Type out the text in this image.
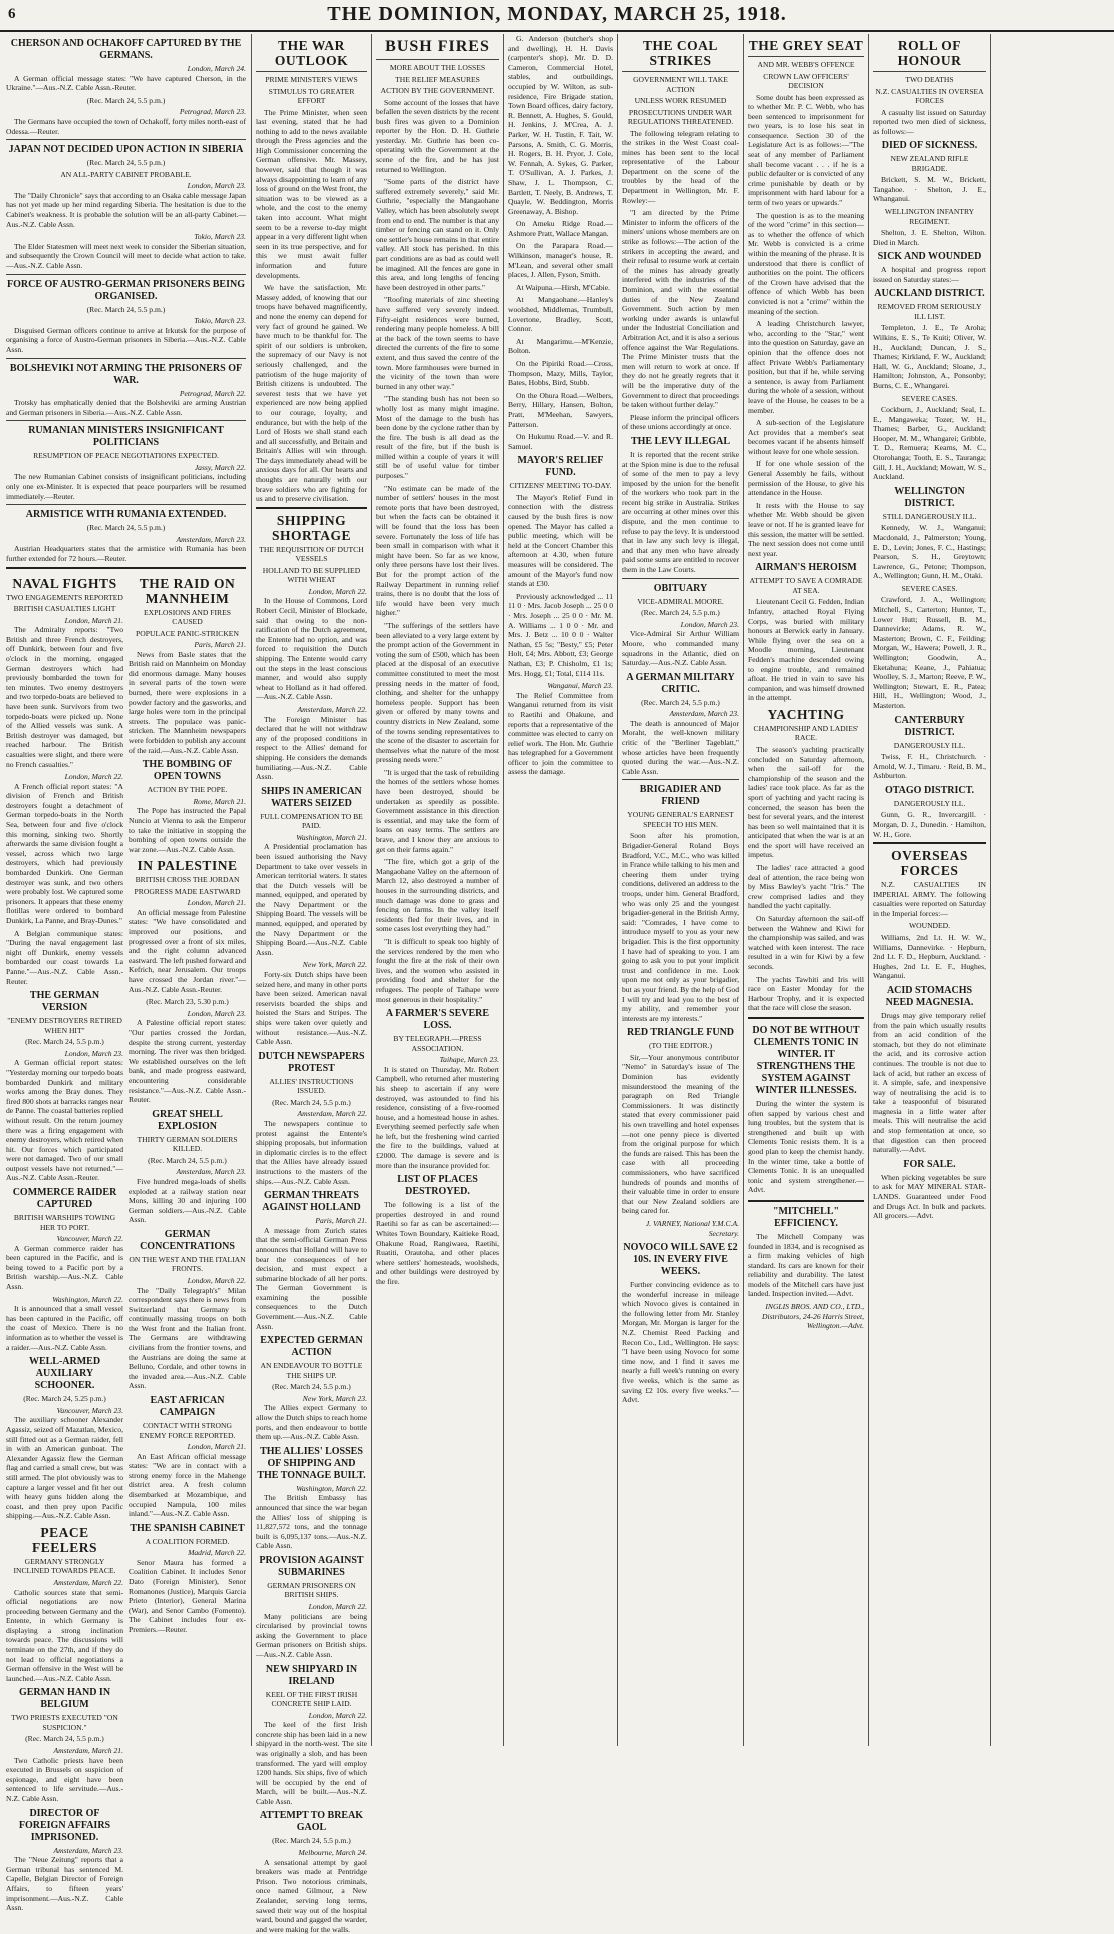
6	THE DOMINION, MONDAY, MARCH 25, 1918.
CHERSON AND OCHAKOFF CAPTURED BY THE GERMANS.
London, March 24.

A German official message states: "We have captured Cherson, in the Ukraine."—Aus.-N.Z. Cable Assn.-Reuter.

(Rec. March 24, 5.5 p.m.)
Petrograd, March 23.

The Germans have occupied the town of Ochakoff, forty miles north-east of Odessa.—Reuter.

JAPAN NOT DECIDED UPON ACTION IN SIBERIA
(Rec. March 24, 5.5 p.m.)
AN ALL-PARTY CABINET PROBABLE.
London, March 23.

The "Daily Chronicle" says that according to an Osaka cable message Japan has not yet made up her mind regarding Siberia. The hesitation is due to the Cabinet's weakness. It is probable the solution will be an all-party Cabinet.—Aus.-N.Z. Cable Assn.

Tokio, March 23.

The Elder Statesmen will meet next week to consider the Siberian situation, and subsequently the Crown Council will meet to decide what action to take.—Aus.-N.Z. Cable Assn.

FORCE OF AUSTRO-GERMAN PRISONERS BEING ORGANISED.
(Rec. March 24, 5.5 p.m.)
Tokio, March 23.

Disguised German officers continue to arrive at Irkutsk for the purpose of organising a force of Austro-German prisoners in Siberia.—Aus.-N.Z. Cable Assn.

BOLSHEVIKI NOT ARMING THE PRISONERS OF WAR.
Petrograd, March 22.

Trotsky has emphatically denied that the Bolsheviki are arming Austrian and German prisoners in Siberia.—Aus.-N.Z. Cable Assn.

RUMANIAN MINISTERS INSIGNIFICANT POLITICIANS
RESUMPTION OF PEACE NEGOTIATIONS EXPECTED.
Jassy, March 22.

The new Rumanian Cabinet consists of insignificant politicians, including only one ex-Minister. It is expected that peace pourparlers will be resumed immediately.—Reuter.

ARMISTICE WITH RUMANIA EXTENDED.
(Rec. March 24, 5.5 p.m.)
Amsterdam, March 23.

Austrian Headquarters states that the armistice with Rumania has been further extended for 72 hours.—Reuter.

NAVAL FIGHTS
TWO ENGAGEMENTS REPORTED
BRITISH CASUALTIES LIGHT
London, March 21.

The Admiralty reports: "Two British and three French destroyers, off Dunkirk, between four and five o'clock in the morning, engaged German destroyers which had previously bombarded the town for ten minutes. Two enemy destroyers and two torpedo-boats are believed to have been sunk. Survivors from two torpedo-boats were picked up. None of the Allied vessels was sunk. A British destroyer was damaged, but reached harbour. The British casualties were slight, and there were no French casualties."

London, March 22.

A French official report states: "A division of French and British destroyers fought a detachment of German torpedo-boats in the North Sea, between four and five o'clock this morning, sinking two. Shortly afterwards the same division fought a vessel, across which two large destroyers, which had previously bombarded Dunkirk. One German destroyer was sunk, and two others were probably lost. We captured some prisoners. It appears that these enemy flotillas were ordered to bombard Dunkirk, La Panne, and Bray-Dunes."

A Belgian communique states: "During the naval engagement last night off Dunkirk, enemy vessels bombarded our coast towards La Panne."—Aus.-N.Z. Cable Assn.-Reuter.

THE GERMAN VERSION
"ENEMY DESTROYERS RETIRED WHEN HIT"
(Rec. March 24, 5.5 p.m.)
London, March 23.

A German official report states: "Yesterday morning our torpedo boats bombarded Dunkirk and military works among the Bray dunes. They fired 800 shots at barracks ranges near de Panne. The coastal batteries replied without result. On the return journey there was a firing engagement with enemy destroyers, which retired when hit. Our forces which participated were not damaged. Two of our small outpost vessels have not returned."—Aus.-N.Z. Cable Assn.-Reuter.

COMMERCE RAIDER CAPTURED
BRITISH WARSHIPS TOWING HER TO PORT.
Vancouver, March 22.

A German commerce raider has been captured in the Pacific, and is being towed to a Pacific port by a British warship.—Aus.-N.Z. Cable Assn.

Washington, March 22.

It is announced that a small vessel has been captured in the Pacific, off the coast of Mexico. There is no information as to whether the vessel is a raider.—Aus.-N.Z. Cable Assn.

WELL-ARMED AUXILIARY SCHOONER.
(Rec. March 24, 5.25 p.m.)
Vancouver, March 23.

The auxiliary schooner Alexander Agassiz, seized off Mazatlan, Mexico, still fitted out as a German raider, fell in with an American gunboat. The Alexander Agassiz flew the German flag and carried a small crew, but was still armed. The plot obviously was to capture a larger vessel and fit her out with heavy guns hidden along the coast, and then prey upon Pacific shipping.—Aus.-N.Z. Cable Assn.

PEACE FEELERS
GERMANY STRONGLY INCLINED TOWARDS PEACE.
Amsterdam, March 22.

Catholic sources state that semi-official negotiations are now proceeding between Germany and the Entente, in which Germany is displaying a strong inclination towards peace. The discussions will terminate on the 27th, and if they do not lead to official negotiations a German offensive in the West will be launched.—Aus.-N.Z. Cable Assn.

GERMAN HAND IN BELGIUM
TWO PRIESTS EXECUTED "ON SUSPICION."
(Rec. March 24, 5.5 p.m.)
Amsterdam, March 21.

Two Catholic priests have been executed in Brussels on suspicion of espionage, and eight have been sentenced to life servitude.—Aus.-N.Z. Cable Assn.

DIRECTOR OF FOREIGN AFFAIRS IMPRISONED.
Amsterdam, March 23.

The "Neue Zeitung" reports that a German tribunal has sentenced M. Capelle, Belgian Director of Foreign Affairs, to fifteen years' imprisonment.—Aus.-N.Z. Cable Assn.

THE RAID ON MANNHEIM
EXPLOSIONS AND FIRES CAUSED
POPULACE PANIC-STRICKEN
Paris, March 21.

News from Basle states that the British raid on Mannheim on Monday did enormous damage. Many houses in several parts of the town were burned, there were explosions in a powder factory and the gasworks, and large holes were torn in the principal streets. The populace was panic-stricken. The Mannheim newspapers were forbidden to publish any account of the raid.—Aus.-N.Z. Cable Assn.

THE BOMBING OF OPEN TOWNS
ACTION BY THE POPE.
Rome, March 21.

The Pope has instructed the Papal Nuncio at Vienna to ask the Emperor to take the initiative in stopping the bombing of open towns outside the war zone.—Aus.-N.Z. Cable Assn.

IN PALESTINE
BRITISH CROSS THE JORDAN
PROGRESS MADE EASTWARD
London, March 21.

An official message from Palestine states: "We have consolidated and improved our positions, and progressed over a front of six miles, and the right column advanced eastward. The left pushed forward and Kefrich, near Jerusalem. Our troops have crossed the Jordan river."—Aus.-N.Z. Cable Assn.-Reuter.

(Rec. March 23, 5.30 p.m.)
London, March 23.

A Palestine official report states: "Our parties crossed the Jordan, despite the strong current, yesterday morning. The river was then bridged. We established ourselves on the left bank, and made progress eastward, encountering considerable resistance."—Aus.-N.Z. Cable Assn.-Reuter.

GREAT SHELL EXPLOSION
THIRTY GERMAN SOLDIERS KILLED.
(Rec. March 24, 5.5 p.m.)
Amsterdam, March 23.

Five hundred mega-loads of shells exploded at a railway station near Mons, killing 30 and injuring 100 German soldiers.—Aus.-N.Z. Cable Assn.

GERMAN CONCENTRATIONS
ON THE WEST AND THE ITALIAN FRONTS.
London, March 22.

The "Daily Telegraph's" Milan correspondent says there is news from Switzerland that Germany is continually massing troops on both the West front and the Italian front. The Germans are withdrawing civilians from the frontier towns, and the Austrians are doing the same at Belluno, Cordale, and other towns in the invaded area.—Aus.-N.Z. Cable Assn.

EAST AFRICAN CAMPAIGN
CONTACT WITH STRONG ENEMY FORCE REPORTED.
London, March 21.

An East African official message states: "We are in contact with a strong enemy force in the Mahenge district area. A fresh column disembarked at Mozambique, and occupied Nampula, 100 miles inland."—Aus.-N.Z. Cable Assn.

THE SPANISH CABINET
A COALITION FORMED.
Madrid, March 22.

Senor Maura has formed a Coalition Cabinet. It includes Senor Dato (Foreign Minister), Senor Romanones (Justice), Marquis Garcia Prieto (Interior), General Marina (War), and Senor Cambo (Fomento). The Cabinet includes four ex-Premiers.—Reuter.

THE WAR OUTLOOK
PRIME MINISTER'S VIEWS
STIMULUS TO GREATER EFFORT

The Prime Minister, when seen last evening, stated that he had nothing to add to the news available through the Press agencies and the High Commissioner concerning the German offensive. Mr. Massey, however, said that though it was always disappointing to learn of any loss of ground on the West front, the situation was to be viewed as a whole, and the cost to the enemy taken into account. What might seem to be a reverse to-day might appear in a very different light when seen in its true perspective, and for this we must await fuller information and future developments.

We have the satisfaction, Mr. Massey added, of knowing that our troops have behaved magnificently, and none the enemy can depend for very fact of ground he gained. We have much to be thankful for. The spirit of our soldiers is unbroken, the supremacy of our Navy is not seriously challenged, and the patriotism of the huge majority of British citizens is undoubted. The severest tests that we have yet experienced are now being applied to our courage, loyalty, and endurance, but with the help of the Lord of Hosts we shall stand each and all successfully, and Britain and Britain's Allies will win through. The days immediately ahead will be anxious days for all. Our hearts and thoughts are naturally with our brave soldiers who are fighting for us and to preserve civilisation.

SHIPPING SHORTAGE
THE REQUISITION OF DUTCH VESSELS
HOLLAND TO BE SUPPLIED WITH WHEAT
London, March 22.

In the House of Commons, Lord Robert Cecil, Minister of Blockade, said that owing to the non-ratification of the Dutch agreement, the Entente had no option, and was forced to requisition the Dutch shipping. The Entente would carry out the steps in the least conscious manner, and would also supply wheat to Holland as it had offered.—Aus.-N.Z. Cable Assn.

Amsterdam, March 22.

The Foreign Minister has declared that he will not withdraw any of the proposed conditions in respect to the Allies' demand for shipping. He considers the demands humiliating.—Aus.-N.Z. Cable Assn.

SHIPS IN AMERICAN WATERS SEIZED
FULL COMPENSATION TO BE PAID.
Washington, March 21.

A Presidential proclamation has been issued authorising the Navy Department to take over vessels in American territorial waters. It states that the Dutch vessels will be manned, equipped, and operated by the Navy Department or the Shipping Board. The vessels will be manned, equipped, and operated by the Navy Department or the Shipping Board.—Aus.-N.Z. Cable Assn.

New York, March 22.

Forty-six Dutch ships have been seized here, and many in other ports have been seized. American naval reservists boarded the ships and hoisted the Stars and Stripes. The ships were taken over quietly and without resistance.—Aus.-N.Z. Cable Assn.

DUTCH NEWSPAPERS PROTEST
ALLIES' INSTRUCTIONS ISSUED.
(Rec. March 24, 5.5 p.m.)
Amsterdam, March 22.

The newspapers continue to protest against the Entente's shipping proposals, but information in diplomatic circles is to the effect that the Allies have already issued instructions to the masters of the ships.—Aus.-N.Z. Cable Assn.

GERMAN THREATS AGAINST HOLLAND
Paris, March 21.

A message from Zurich states that the semi-official German Press announces that Holland will have to bear the consequences of her decision, and must expect a submarine blockade of all her ports. The German Government is examining the possible consequences to the Dutch Government.—Aus.-N.Z. Cable Assn.

EXPECTED GERMAN ACTION
AN ENDEAVOUR TO BOTTLE THE SHIPS UP.
(Rec. March 24, 5.5 p.m.)
New York, March 23.

The Allies expect Germany to allow the Dutch ships to reach home ports, and then endeavour to bottle them up.—Aus.-N.Z. Cable Assn.

THE ALLIES' LOSSES OF SHIPPING AND THE TONNAGE BUILT.
Washington, March 22.

The British Embassy has announced that since the war began the Allies' loss of shipping is 11,827,572 tons, and the tonnage built is 6,095,137 tons.—Aus.-N.Z. Cable Assn.

PROVISION AGAINST SUBMARINES
GERMAN PRISONERS ON BRITISH SHIPS.
London, March 22.

Many politicians are being circularised by provincial towns asking the Government to place German prisoners on British ships.—Aus.-N.Z. Cable Assn.

NEW SHIPYARD IN IRELAND
KEEL OF THE FIRST IRISH CONCRETE SHIP LAID.
London, March 22.

The keel of the first Irish concrete ship has been laid in a new shipyard in the north-west. The site was originally a slob, and has been transformed. The yard will employ 1200 hands. Six ships, five of which will be occupied by the end of March, will be built.—Aus.-N.Z. Cable Assn.

ATTEMPT TO BREAK GAOL
(Rec. March 24, 5.5 p.m.)
Melbourne, March 24.

A sensational attempt by gaol breakers was made at Pentridge Prison. Two notorious criminals, once named Gilmour, a New Zealander, serving long terms, sawed their way out of the hospital ward, bound and gagged the warder, and were making for the walls.

BUSH FIRES
MORE ABOUT THE LOSSES
THE RELIEF MEASURES
ACTION BY THE GOVERNMENT.

Some account of the losses that have befallen the seven districts by the recent bush fires was given to a Dominion reporter by the Hon. D. H. Guthrie yesterday. Mr. Guthrie has been co-operating with the Government at the scene of the fire, and he has just returned to Wellington.

"Some parts of the district have suffered extremely severely," said Mr. Guthrie, "especially the Mangaohane Valley, which has been absolutely swept from end to end. The number is that any timber or fencing can stand on it. Only one settler's house remains in that entire valley. All stock has perished. In this part conditions are as bad as could well be imagined. All the fences are gone in this area, and long lengths of fencing have been destroyed in other parts."

"Roofing materials of zinc sheeting have suffered very severely indeed. Fifty-eight residences were burned, rendering many people homeless. A bill at the back of the town seems to have directed the currents of the fire to some extent, and thus saved the centre of the town. More farmhouses were burned in the vicinity of the town than were burned in any other way."

"The standing bush has not been so wholly lost as many might imagine. Most of the damage to the bush has been done by the cyclone rather than by the fire. The bush is all dead as the result of the fire, but if the bush is milled within a couple of years it will still be of useful value for timber purposes."

"No estimate can be made of the number of settlers' houses in the most remote ports that have been destroyed, but when the facts can be obtained it will be found that the loss has been severe. Fortunately the loss of life has been small in comparison with what it might have been. So far as we know, only three persons have lost their lives. But for the prompt action of the Railway Department in running relief trains, there is no doubt that the loss of life would have been very much higher."

"The sufferings of the settlers have been alleviated to a very large extent by the prompt action of the Government in voting the sum of £500, which has been placed at the disposal of an executive committee constituted to meet the most pressing needs in the matter of food, clothing, and shelter for the unhappy homeless people. Support has been given or offered by many towns and country districts in New Zealand, some of the towns sending representatives to the scene of the disaster to ascertain for themselves what the nature of the most pressing needs were."

"It is urged that the task of rebuilding the homes of the settlers whose homes have been destroyed, should be undertaken as speedily as possible. Government assistance in this direction is essential, and may take the form of loans on easy terms. The settlers are brave, and I know they are anxious to get on their farms again."

"The fire, which got a grip of the Mangaohane Valley on the afternoon of March 12, also destroyed a number of houses in the surrounding districts, and much damage was done to grass and fencing on farms. In the valley itself residents fled for their lives, and in some cases lost everything they had."

"It is difficult to speak too highly of the services rendered by the men who fought the fire at the risk of their own lives, and the women who assisted in providing food and shelter for the refugees. The people of Taihape were most generous in their hospitality."

A FARMER'S SEVERE LOSS.
BY TELEGRAPH.—PRESS ASSOCIATION.
Taihape, March 23.

It is stated on Thursday, Mr. Robert Campbell, who returned after mustering his sheep to ascertain if any were destroyed, was astounded to find his residence, consisting of a five-roomed house, and a homestead house in ashes. Everything seemed perfectly safe when he left, but the freshening wind carried the fire to the buildings, valued at £2000. The damage is severe and is more than the insurance provided for.

LIST OF PLACES DESTROYED.

The following is a list of the properties destroyed in and round Raetihi so far as can be ascertained:—Whites Town Boundary, Kaitieke Road, Ohakune Road, Rangiwaea, Raetihi, Ruatiti, Orautoha, and other places where settlers' homesteads, woolsheds, and other buildings were destroyed by the fire.

G. Anderson (butcher's shop and dwelling), H. H. Davis (carpenter's shop), Mr. D. D. Cameron, Commercial Hotel, stables, and outbuildings, occupied by W. Wilton, as sub-residence, Fire Brigade station, Town Board offices, dairy factory, R. Bennett, A. Hughes, S. Gould, H. Jenkins, J. M'Crea, A. J. Parker, W. H. Tustin, F. Tait, W. Parsons, A. Smith, C. G. Morris, H. Rogers, B. H. Pryor, J. Cole, W. Fennah, A. Sykes, G. Parker, T. O'Sullivan, A. J. Parkes, J. Shaw, J. L. Thompson, C. Bartlett, T. Neely, B. Andrews, T. Quayle, W. Beddington, Morris Greenaway, A. Bishop.

On Ameku Ridge Road.—Ashmore Pratt, Wallace Mangan.

On the Parapara Road.—Wilkinson, manager's house, R. M'Lean, and several other small places, J. Allen, Fyson, Smith.

At Waipuna.—Hirsh, M'Cabie.

At Mangaohane.—Hanley's woolshed, Middlemas, Trumbull, Lovertone, Bradley, Scott, Connor.

At Mangarimu.—M'Kenzie, Bolton.

On the Pipiriki Road.—Cross, Thompson, Mazy, Mills, Taylor, Bates, Hobbs, Bird, Stubb.

On the Ohura Road.—Welbers, Berry, Hillary, Hansen, Bolton, Pratt, M'Meehan, Sawyers, Patterson.

On Hukumu Road.—V. and R. Samuel.

MAYOR'S RELIEF FUND.
CITIZENS' MEETING TO-DAY.

The Mayor's Relief Fund in connection with the distress caused by the bush fires is now opened. The Mayor has called a public meeting, which will be held at the Concert Chamber this afternoon at 4.30, when future measures will be considered. The amount of the Mayor's fund now stands at £30.

Previously acknowledged ... 11 11 0 · Mrs. Jacob Joseph ... 25 0 0 · Mrs. Joseph ... 25 0 0 · Mr. M. A. Williams ... 1 0 0 · Mr. and Mrs. J. Betz ... 10 0 0 · Walter Nathan, £5 5s; "Besty," £5; Peter Holt, £4; Mrs. Abbott, £3; George Nathan, £3; P. Chisholm, £1 1s; Mrs. Hogg, £1; Total, £114 11s.

Wanganui, March 23.

The Relief Committee from Wanganui returned from its visit to Raetihi and Ohakune, and reports that a representative of the committee was elected to carry on relief work. The Hon. Mr. Guthrie has telegraphed for a Government officer to join the committee to assess the damage.

THE COAL STRIKES
GOVERNMENT WILL TAKE ACTION
UNLESS WORK RESUMED
PROSECUTIONS UNDER WAR REGULATIONS THREATENED.

The following telegram relating to the strikes in the West Coast coal-mines has been sent to the local representative of the Labour Department on the scene of the troubles by the head of the Department in Wellington, Mr. F. Rowley:—

"I am directed by the Prime Minister to inform the officers of the miners' unions whose members are on strike as follows:—The action of the strikers in accepting the award, and their refusal to resume work at certain of the mines has already greatly interfered with the industries of the Dominion, and with the essential duties of the New Zealand Government. Such action by men working under awards is unlawful under the Industrial Conciliation and Arbitration Act, and it is also a serious offence against the War Regulations. The Prime Minister trusts that the men will return to work at once. If they do not he greatly regrets that it will be the imperative duty of the Government to direct that proceedings be taken without further delay."

Please inform the principal officers of these unions accordingly at once.

THE LEVY ILLEGAL

It is reported that the recent strike at the Spion mine is due to the refusal of some of the men to pay a levy imposed by the union for the benefit of the workers who took part in the recent big strike in Australia. Strikes are occurring at other mines over this dispute, and the men continue to refuse to pay the levy. It is understood that in law any such levy is illegal, and that any men who have already paid some sums are entitled to recover them in the Law Courts.

OBITUARY
VICE-ADMIRAL MOORE.
(Rec. March 24, 5.5 p.m.)
London, March 23.

Vice-Admiral Sir Arthur William Moore, who commanded many squadrons in the Atlantic, died on Saturday.—Aus.-N.Z. Cable Assn.

A GERMAN MILITARY CRITIC.
(Rec. March 24, 5.5 p.m.)
Amsterdam, March 23.

The death is announced of Major Moraht, the well-known military critic of the "Berliner Tageblatt," whose articles have been frequently quoted during the war.—Aus.-N.Z. Cable Assn.

BRIGADIER AND FRIEND
YOUNG GENERAL'S EARNEST SPEECH TO HIS MEN.

Soon after his promotion, Brigadier-General Roland Boys Bradford, V.C., M.C., who was killed in France while talking to his men and cheering them under trying conditions, delivered an address to the troops, under him. General Bradford, who was only 25 and the youngest brigadier-general in the British Army, said: "Comrades, I have come to introduce myself to you as your new brigadier. This is the first opportunity I have had of speaking to you. I am going to ask you to put your implicit trust and confidence in me. Look upon me not only as your brigadier, but as your friend. By the help of God I will try and lead you to the best of my ability, and remember your interests are my interests."

RED TRIANGLE FUND
(TO THE EDITOR.)

Sir,—Your anonymous contributor "Nemo" in Saturday's issue of The Dominion has evidently misunderstood the meaning of the paragraph on Red Triangle Commissioners. It was distinctly stated that every commissioner paid his own travelling and hotel expenses—not one penny piece is diverted from the original purpose for which the funds are raised. This has been the case with all proceeding commissioners, who have sacrificed hundreds of pounds and months of their valuable time in order to ensure that our New Zealand soldiers are being cared for.

J. VARNEY, National Y.M.C.A. Secretary.
NOVOCO WILL SAVE £2 10S. IN EVERY FIVE WEEKS.

Further convincing evidence as to the wonderful increase in mileage which Novoco gives is contained in the following letter from Mr. Stanley Morgan, Mr. Morgan is larger for the N.Z. Chemist Reed Packing and Recon Co., Ltd., Wellington. He says: "I have been using Novoco for some time now, and I find it saves me nearly a full week's running on every five weeks, which is the same as saving £2 10s. every five weeks."—Advt.

THE GREY SEAT
AND MR. WEBB'S OFFENCE
CROWN LAW OFFICERS' DECISION

Some doubt has been expressed as to whether Mr. P. C. Webb, who has been sentenced to imprisonment for two years, is to lose his seat in consequence. Section 30 of the Legislature Act is as follows:—"The seat of any member of Parliament shall become vacant . . . if he is a public defaulter or is convicted of any crime punishable by death or by imprisonment with hard labour for a term of two years or upwards."

The question is as to the meaning of the word "crime" in this section—as to whether the offence of which Mr. Webb is convicted is a crime within the meaning of the phrase. It is understood that there is conflict of authorities on the point. The officers of the Crown have advised that the offence of which Webb has been convicted is not a "crime" within the meaning of the section.

A leading Christchurch lawyer, who, according to the "Star," went into the question on Saturday, gave an opinion that the offence does not affect Private Webb's Parliamentary position, but that if he, while serving a sentence, is away from Parliament during the whole of a session, without leave of the House, he ceases to be a member.

A sub-section of the Legislature Act provides that a member's seat becomes vacant if he absents himself without leave for one whole session.

If for one whole session of the General Assembly he fails, without permission of the House, to give his attendance in the House.

It rests with the House to say whether Mr. Webb should be given leave or not. If he is granted leave for this session, the matter will be settled. The next session does not come until next year.

AIRMAN'S HEROISM
ATTEMPT TO SAVE A COMRADE AT SEA.

Lieutenant Cecil G. Fedden, Indian Infantry, attached Royal Flying Corps, was buried with military honours at Berwick early in January. While flying over the sea on a Moodle morning, Lieutenant Fedden's machine descended owing to engine trouble, and remained afloat. He tried in vain to save his companion, and was himself drowned in the attempt.

YACHTING
CHAMPIONSHIP AND LADIES' RACE.

The season's yachting practically concluded on Saturday afternoon, when the sail-off for the championship of the season and the ladies' race took place. As far as the sport of yachting and yacht racing is concerned, the season has been the best for several years, and the interest has been so well maintained that it is anticipated that when the war is at an end the sport will have received an impetus.

The ladies' race attracted a good deal of attention, the race being won by Miss Bawley's yacht "Iris." The crew comprised ladies and they handled the yacht capitally.

On Saturday afternoon the sail-off between the Wahnew and Kiwi for the championship was sailed, and was watched with keen interest. The race resulted in a win for Kiwi by a few seconds.

The yachts Tawhiti and Iris will race on Easter Monday for the Harbour Trophy, and it is expected that the race will close the season.

DO NOT BE WITHOUT CLEMENTS TONIC IN WINTER. IT STRENGTHENS THE SYSTEM AGAINST WINTER ILLNESSES.

During the winter the system is often sapped by various chest and lung troubles, but the system that is strengthened and built up with Clements Tonic resists them. It is a good plan to keep the chemist handy. In the winter time, take a bottle of Clements Tonic. It is an unequalled tonic and system strengthener.—Advt.

"MITCHELL" EFFICIENCY.

The Mitchell Company was founded in 1834, and is recognised as a firm making vehicles of high standard. Its cars are known for their reliability and durability. The latest models of the Mitchell cars have just landed. Inspection invited.—Advt.

INGLIS BROS. AND CO., LTD., Distributors, 24-26 Harris Street, Wellington.—Advt.
ROLL OF HONOUR
TWO DEATHS
N.Z. CASUALTIES IN OVERSEA FORCES

A casualty list issued on Saturday reported two men died of sickness, as follows:—

DIED OF SICKNESS.
NEW ZEALAND RIFLE BRIGADE.

Brickett, S. M. W., Brickett, Tangahoe. · Shelton, J. E., Whanganui.

WELLINGTON INFANTRY REGIMENT.

Shelton, J. E. Shelton, Wilton. Died in March.

SICK AND WOUNDED

A hospital and progress report issued on Saturday states:—

AUCKLAND DISTRICT.
REMOVED FROM SERIOUSLY ILL LIST.

Templeton, J. E., Te Aroha; Wilkins, E. S., Te Kuiti; Oliver, W. H., Auckland; Duncan, J. S., Thames; Kirkland, F. W., Auckland; Hall, W. G., Auckland; Sloane, J., Hamilton; Johnston, A., Ponsonby; Burns, C. E., Whangarei.

SEVERE CASES.

Cockburn, J., Auckland; Seal, L. E., Mangaweka; Tozer, W. H., Thames; Barber, G., Auckland; Hooper, M. M., Whangarei; Gribble, T. D., Remuera; Kearns, M. C., Otorohanga; Tooth, E. S., Tauranga; Gill, J. H., Auckland; Mowatt, W. S., Auckland.

WELLINGTON DISTRICT.
STILL DANGEROUSLY ILL.

Kennedy, W. J., Wanganui; Macdonald, J., Palmerston; Young, E. D., Levin; Jones, F. C., Hastings; Pearson, S. H., Greytown; Lawrence, G., Petone; Thompson, A., Wellington; Gunn, H. M., Otaki.

SEVERE CASES.

Crawford, J. A., Wellington; Mitchell, S., Carterton; Hunter, T., Lower Hutt; Russell, B. M., Dannevirke; Adams, R. W., Masterton; Brown, C. F., Feilding; Morgan, W., Hawera; Powell, J. R., Wellington; Goodwin, A., Eketahuna; Keane, J., Pahiatua; Woolley, S. J., Marton; Reeve, P. W., Wellington; Stewart, E. R., Patea; Hill, H., Wellington; Wood, J., Masterton.

CANTERBURY DISTRICT.
DANGEROUSLY ILL.

Twiss, F. H., Christchurch. · Arnold, W. J., Timaru. · Reid, B. M., Ashburton.

OTAGO DISTRICT.
DANGEROUSLY ILL.

Gunn, G. R., Invercargill. · Morgan, D. J., Dunedin. · Hamilton, W. H., Gore.

OVERSEAS FORCES

N.Z. CASUALTIES IN IMPERIAL ARMY. The following casualties were reported on Saturday in the Imperial forces:—

WOUNDED.

Williams, 2nd Lt. H. W. W., Williams, Dannevirke. · Hepburn, 2nd Lt. F. D., Hepburn, Auckland. · Hughes, 2nd Lt. E. F., Hughes, Wanganui.

ACID STOMACHS NEED MAGNESIA.

Drugs may give temporary relief from the pain which usually results from an acid condition of the stomach, but they do not eliminate the acid, and its corrosive action continues. The trouble is not due to lack of acid, but rather an excess of it. A simple, safe, and inexpensive way of neutralising the acid is to take a teaspoonful of bisurated magnesia in a little water after meals. This will neutralise the acid and stop fermentation at once, so that digestion can then proceed naturally.—Advt.

FOR SALE.

When picking vegetables be sure to ask for MAY MINERAL STAR-LANDS. Guaranteed under Food and Drugs Act. In bulk and packets. All grocers.—Advt.
